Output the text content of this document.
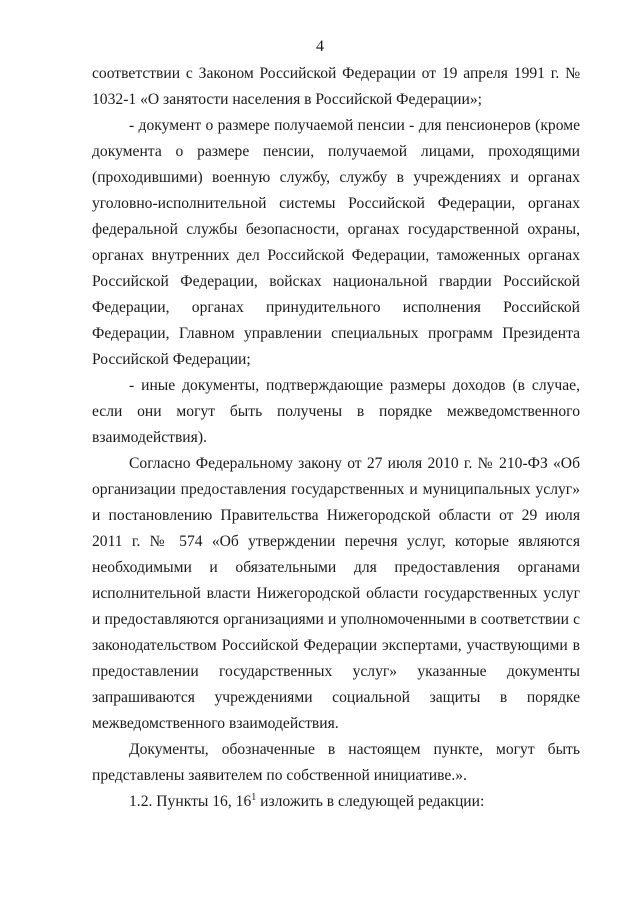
4

соответствии с Законом Российской Федерации от 19 апреля 1991 г. № 1032-1 «О занятости населения в Российской Федерации»;

- документ о размере получаемой пенсии - для пенсионеров (кроме документа о размере пенсии, получаемой лицами, проходящими (проходившими) военную службу, службу в учреждениях и органах уголовно-исполнительной системы Российской Федерации, органах федеральной службы безопасности, органах государственной охраны, органах внутренних дел Российской Федерации, таможенных органах Российской Федерации, войсках национальной гвардии Российской Федерации, органах принудительного исполнения Российской Федерации, Главном управлении специальных программ Президента Российской Федерации;

- иные документы, подтверждающие размеры доходов (в случае, если они могут быть получены в порядке межведомственного взаимодействия).

Согласно Федеральному закону от 27 июля 2010 г. № 210-ФЗ «Об организации предоставления государственных и муниципальных услуг» и постановлению Правительства Нижегородской области от 29 июля 2011 г. № 574 «Об утверждении перечня услуг, которые являются необходимыми и обязательными для предоставления органами исполнительной власти Нижегородской области государственных услуг и предоставляются организациями и уполномоченными в соответствии с законодательством Российской Федерации экспертами, участвующими в предоставлении государственных услуг» указанные документы запрашиваются учреждениями социальной защиты в порядке межведомственного взаимодействия.

Документы, обозначенные в настоящем пункте, могут быть представлены заявителем по собственной инициативе.».

1.2. Пункты 16, $16^1$ изложить в следующей редакции:
